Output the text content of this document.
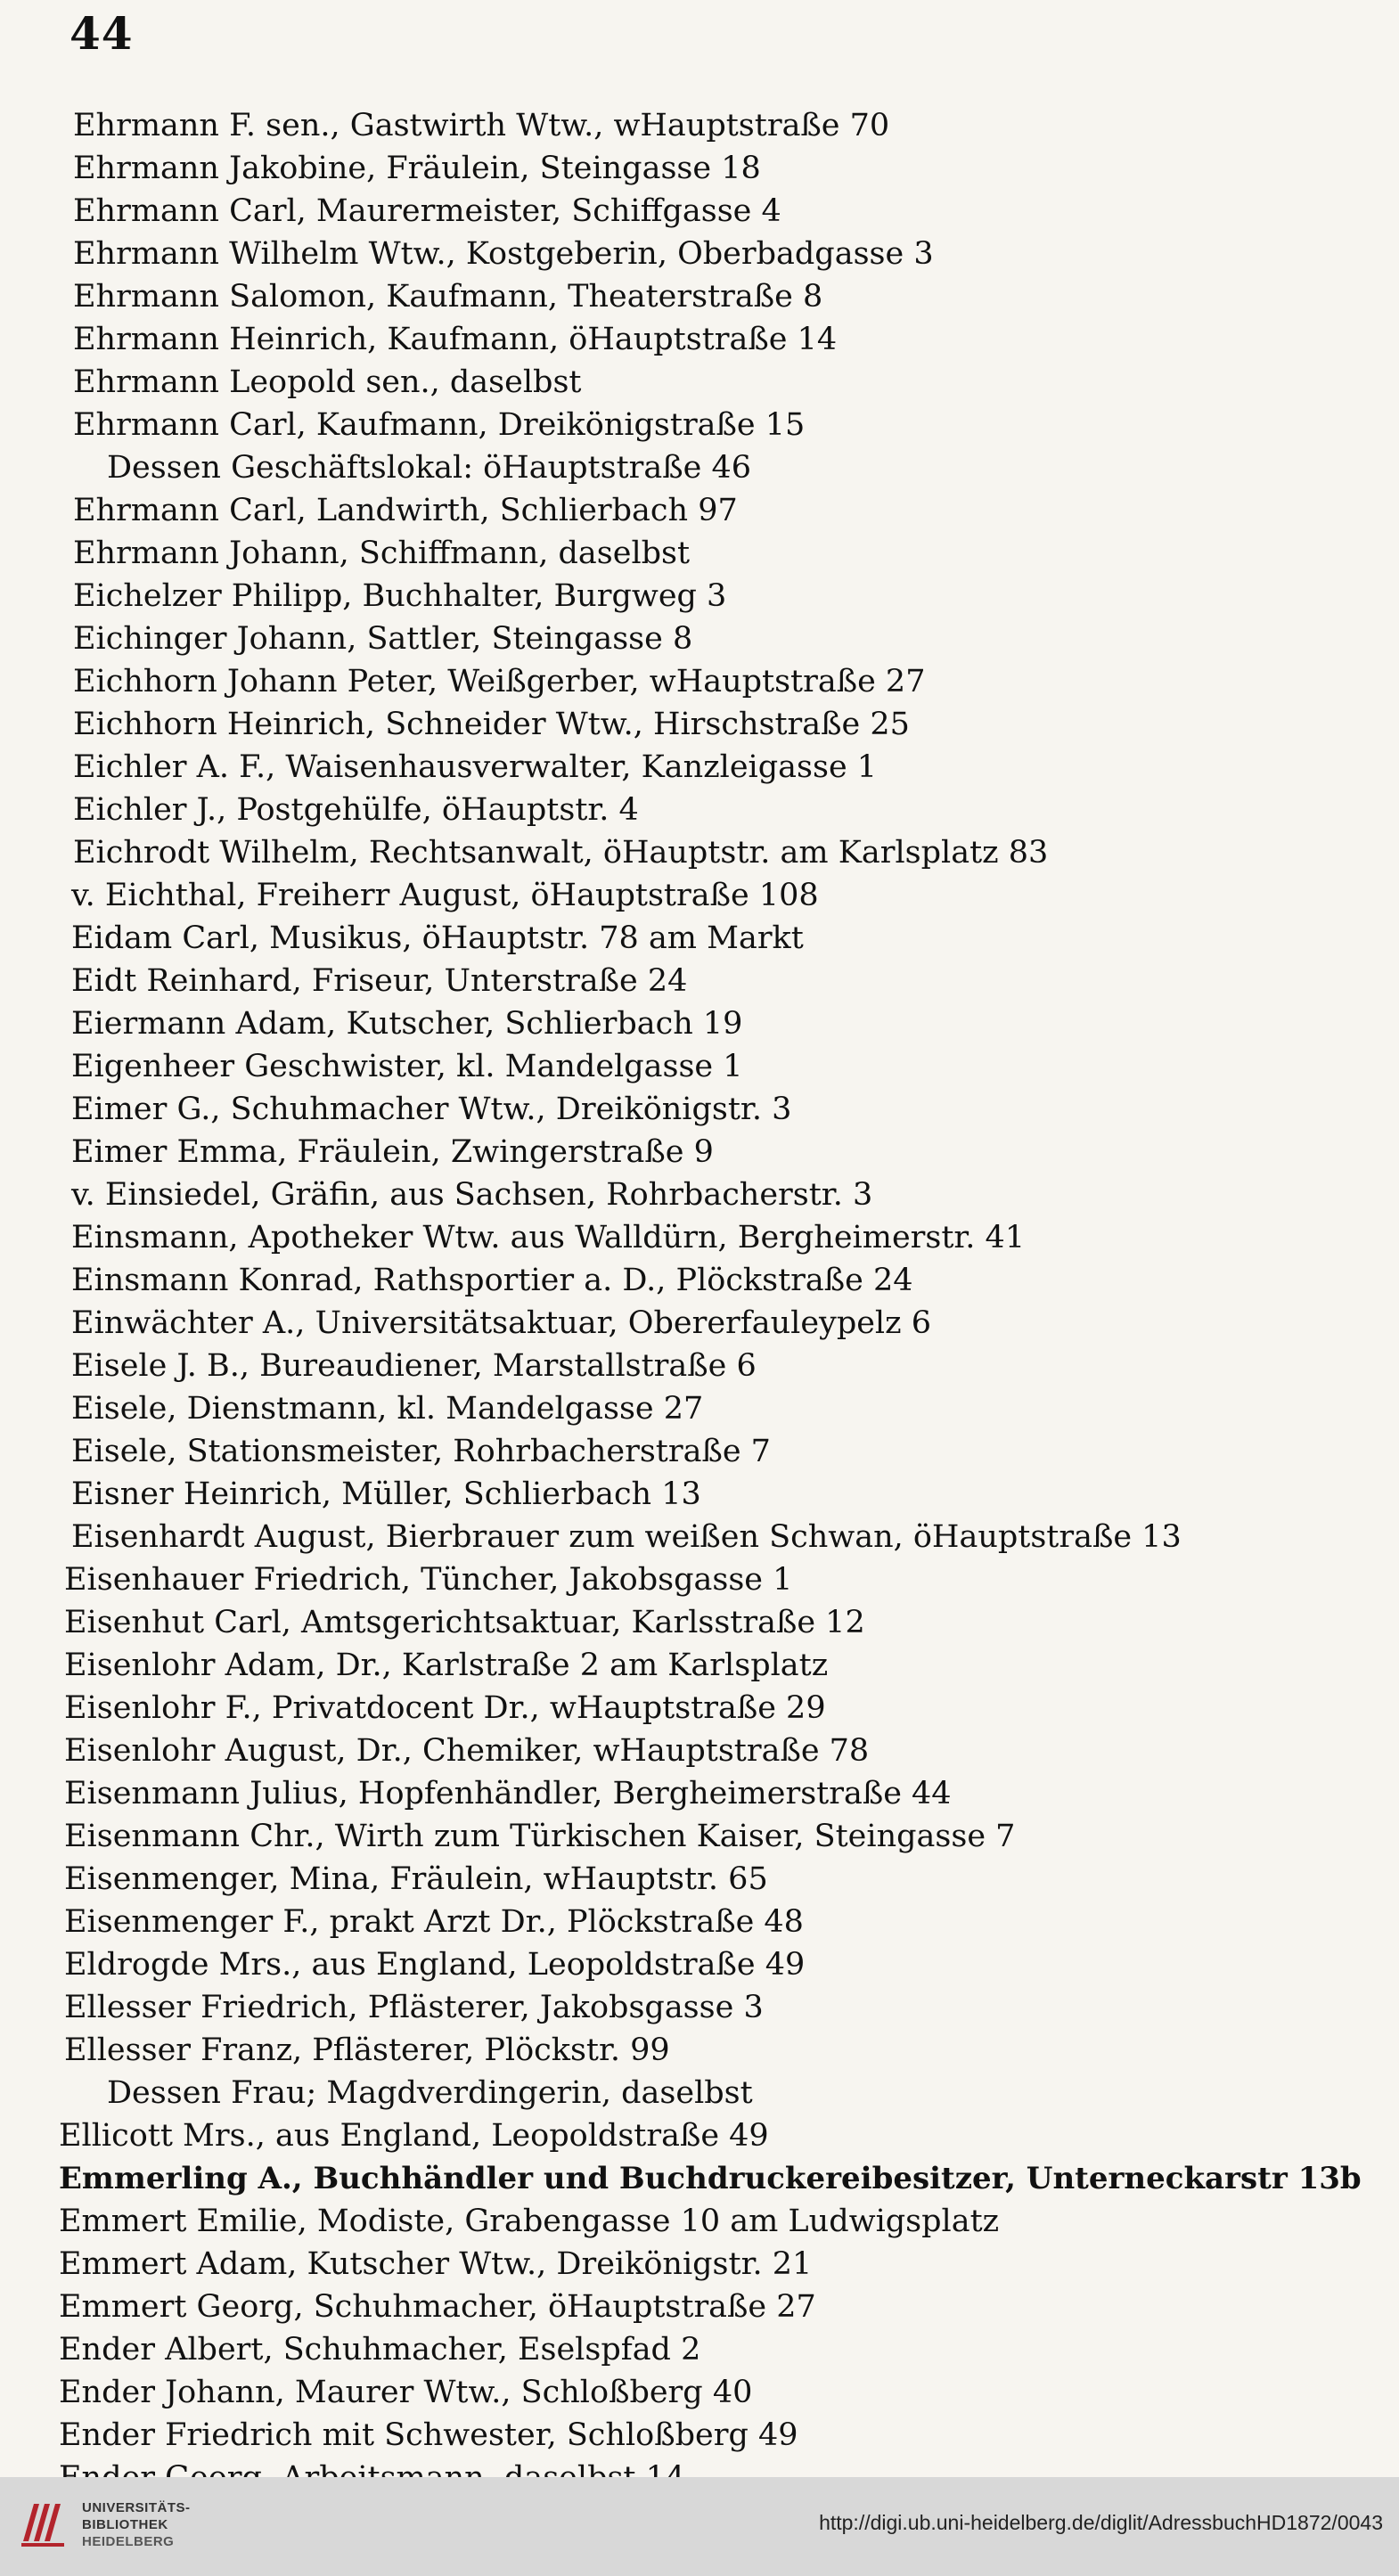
44
Ehrmann F. sen., Gastwirth Wtw., wHauptstraße 70
Ehrmann Jakobine, Fräulein, Steingasse 18
Ehrmann Carl, Maurermeister, Schiffgasse 4
Ehrmann Wilhelm Wtw., Kostgeberin, Oberbadgasse 3
Ehrmann Salomon, Kaufmann, Theaterstraße 8
Ehrmann Heinrich, Kaufmann, öHauptstraße 14
Ehrmann Leopold sen., daselbst
Ehrmann Carl, Kaufmann, Dreikönigstraße 15
Dessen Geschäftslokal: öHauptstraße 46
Ehrmann Carl, Landwirth, Schlierbach 97
Ehrmann Johann, Schiffmann, daselbst
Eichelzer Philipp, Buchhalter, Burgweg 3
Eichinger Johann, Sattler, Steingasse 8
Eichhorn Johann Peter, Weißgerber, wHauptstraße 27
Eichhorn Heinrich, Schneider Wtw., Hirschstraße 25
Eichler A. F., Waisenhausverwalter, Kanzleigasse 1
Eichler J., Postgehülfe, öHauptstr. 4
Eichrodt Wilhelm, Rechtsanwalt, öHauptstr. am Karlsplatz 83
v. Eichthal, Freiherr August, öHauptstraße 108
Eidam Carl, Musikus, öHauptstr. 78 am Markt
Eidt Reinhard, Friseur, Unterstraße 24
Eiermann Adam, Kutscher, Schlierbach 19
Eigenheer Geschwister, kl. Mandelgasse 1
Eimer G., Schuhmacher Wtw., Dreikönigstr. 3
Eimer Emma, Fräulein, Zwingerstraße 9
v. Einsiedel, Gräfin, aus Sachsen, Rohrbacherstr. 3
Einsmann, Apotheker Wtw. aus Walldürn, Bergheimerstr. 41
Einsmann Konrad, Rathsportier a. D., Plöckstraße 24
Einwächter A., Universitätsaktuar, Obererfauleypelz 6
Eisele J. B., Bureaudiener, Marstallstraße 6
Eisele, Dienstmann, kl. Mandelgasse 27
Eisele, Stationsmeister, Rohrbacherstraße 7
Eisner Heinrich, Müller, Schlierbach 13
Eisenhardt August, Bierbrauer zum weißen Schwan, öHauptstraße 13
Eisenhauer Friedrich, Tüncher, Jakobsgasse 1
Eisenhut Carl, Amtsgerichtsaktuar, Karlsstraße 12
Eisenlohr Adam, Dr., Karlstraße 2 am Karlsplatz
Eisenlohr F., Privatdocent Dr., wHauptstraße 29
Eisenlohr August, Dr., Chemiker, wHauptstraße 78
Eisenmann Julius, Hopfenhändler, Bergheimerstraße 44
Eisenmann Chr., Wirth zum Türkischen Kaiser, Steingasse 7
Eisenmenger, Mina, Fräulein, wHauptstr. 65
Eisenmenger F., prakt Arzt Dr., Plöckstraße 48
Eldrogde Mrs., aus England, Leopoldstraße 49
Ellesser Friedrich, Pflästerer, Jakobsgasse 3
Ellesser Franz, Pflästerer, Plöckstr. 99
Dessen Frau; Magdverdingerin, daselbst
Ellicott Mrs., aus England, Leopoldstraße 49
Emmerling A., Buchhändler und Buchdruckereibesitzer, Unterneckarstr 13b
Emmert Emilie, Modiste, Grabengasse 10 am Ludwigsplatz
Emmert Adam, Kutscher Wtw., Dreikönigstr. 21
Emmert Georg, Schuhmacher, öHauptstraße 27
Ender Albert, Schuhmacher, Eselspfad 2
Ender Johann, Maurer Wtw., Schloßberg 40
Ender Friedrich mit Schwester, Schloßberg 49
UNIVERSITÄTS-
BIBLIOTHEK
HEIDELBERG
http://digi.ub.uni-heidelberg.de/diglit/AdressbuchHD1872/0043
